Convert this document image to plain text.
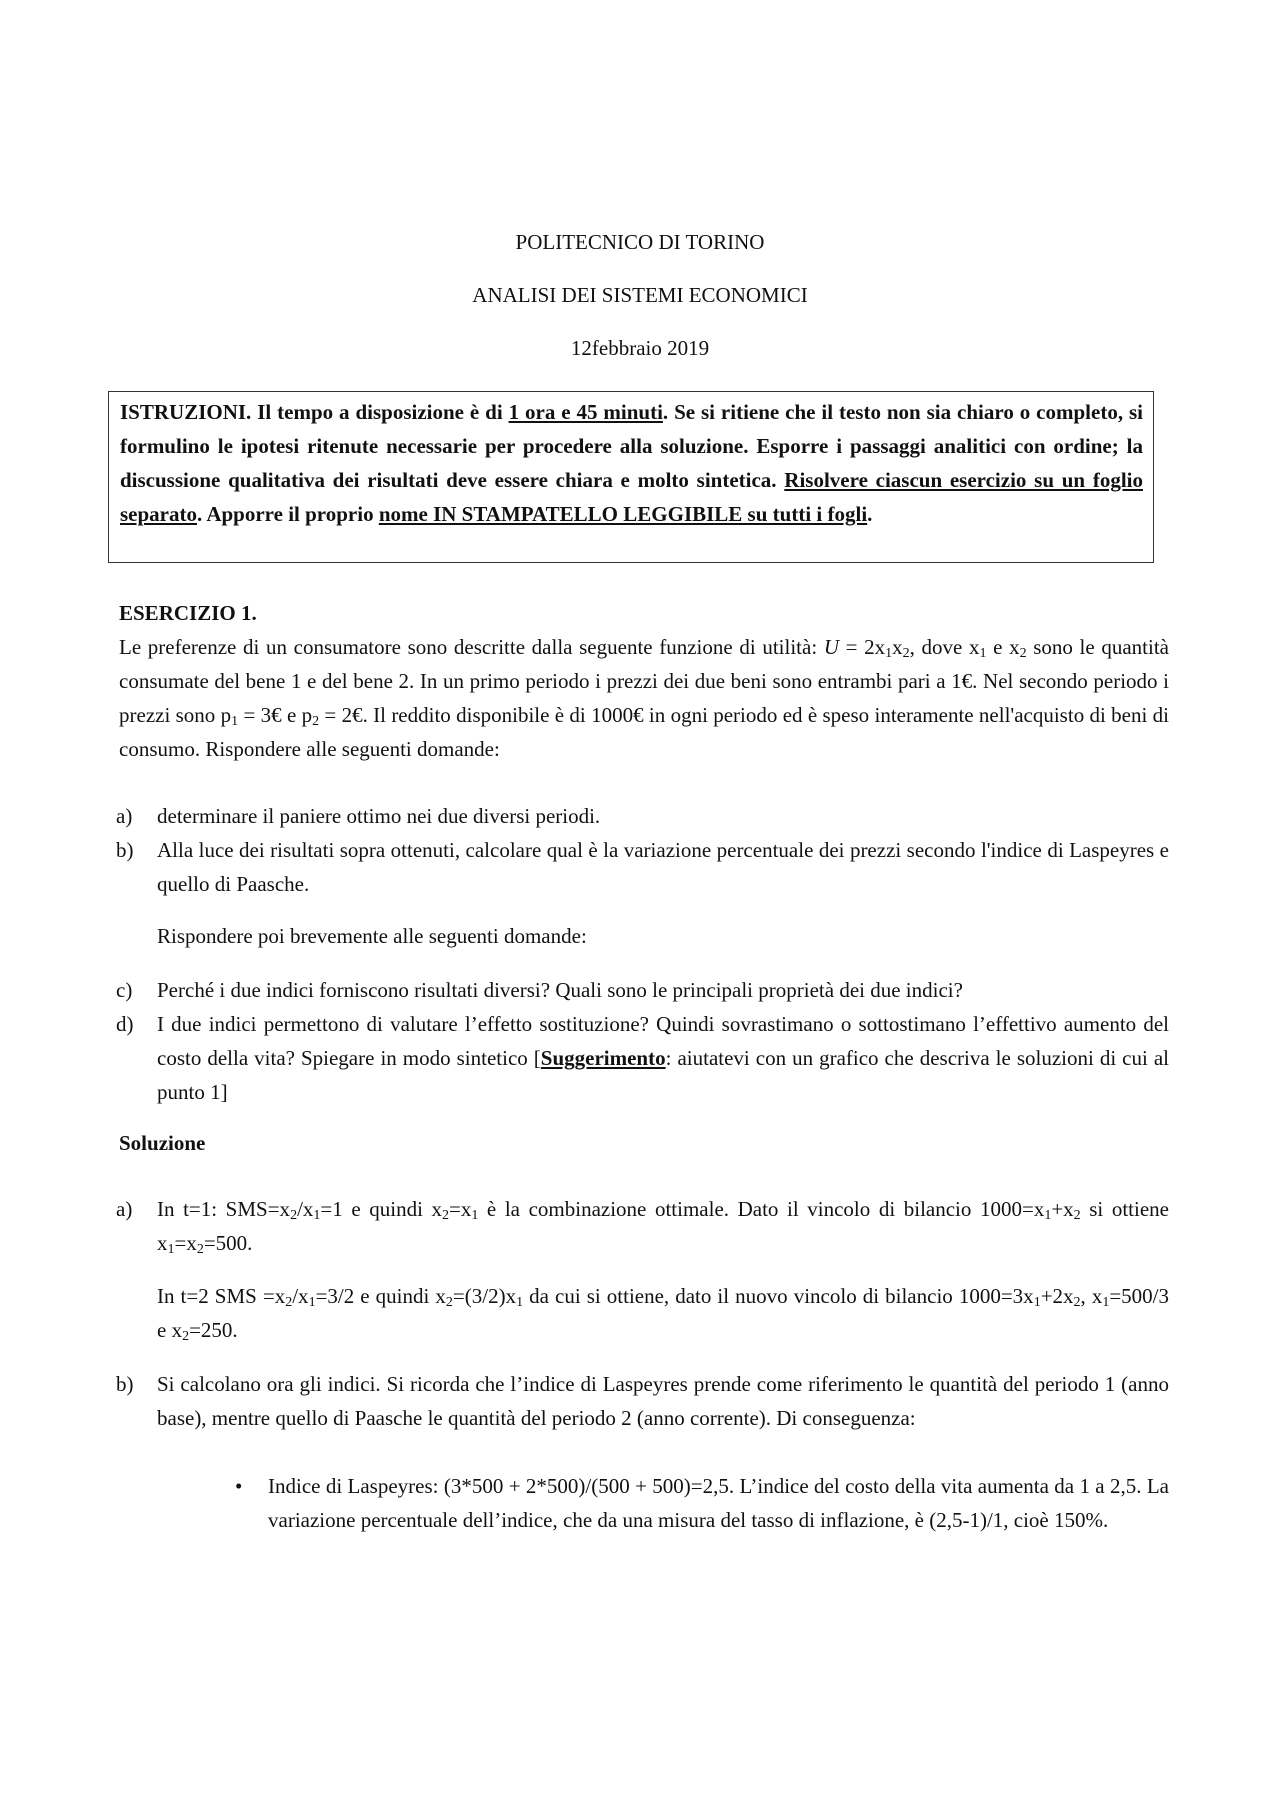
POLITECNICO DI TORINO
ANALISI DEI SISTEMI ECONOMICI
12febbraio 2019
ISTRUZIONI. Il tempo a disposizione è di 1 ora e 45 minuti. Se si ritiene che il testo non sia chiaro o completo, si formulino le ipotesi ritenute necessarie per procedere alla soluzione. Esporre i passaggi analitici con ordine; la discussione qualitativa dei risultati deve essere chiara e molto sintetica. Risolvere ciascun esercizio su un foglio separato. Apporre il proprio nome IN STAMPATELLO LEGGIBILE su tutti i fogli.
ESERCIZIO 1.
Le preferenze di un consumatore sono descritte dalla seguente funzione di utilità: $U = 2x_1x_2$, dove $x_1$ e $x_2$ sono le quantità consumate del bene 1 e del bene 2. In un primo periodo i prezzi dei due beni sono entrambi pari a 1€. Nel secondo periodo i prezzi sono $p_1$ = 3€ e $p_2$ = 2€. Il reddito disponibile è di 1000€ in ogni periodo ed è speso interamente nell'acquisto di beni di consumo. Rispondere alle seguenti domande:
a) determinare il paniere ottimo nei due diversi periodi.
b) Alla luce dei risultati sopra ottenuti, calcolare qual è la variazione percentuale dei prezzi secondo l'indice di Laspeyres e quello di Paasche.
Rispondere poi brevemente alle seguenti domande:
c) Perché i due indici forniscono risultati diversi? Quali sono le principali proprietà dei due indici?
d) I due indici permettono di valutare l’effetto sostituzione? Quindi sovrastimano o sottostimano l’effettivo aumento del costo della vita? Spiegare in modo sintetico [Suggerimento: aiutatevi con un grafico che descriva le soluzioni di cui al punto 1]
Soluzione
a) In t=1: $SMS=x_2/x_1=1$ e quindi $x_2=x_1$ è la combinazione ottimale. Dato il vincolo di bilancio $1000=x_1+x_2$ si ottiene $x_1=x_2=500$.
In t=2 SMS $=x_2/x_1=3/2$ e quindi $x_2=(3/2)x_1$ da cui si ottiene, dato il nuovo vincolo di bilancio $1000=3x_1+2x_2$, $x_1=500/3$ e $x_2=250$.
b) Si calcolano ora gli indici. Si ricorda che l’indice di Laspeyres prende come riferimento le quantità del periodo 1 (anno base), mentre quello di Paasche le quantità del periodo 2 (anno corrente). Di conseguenza:
• Indice di Laspeyres: (3*500 + 2*500)/(500 + 500)=2,5. L’indice del costo della vita aumenta da 1 a 2,5. La variazione percentuale dell’indice, che da una misura del tasso di inflazione, è (2,5-1)/1, cioè 150%.
